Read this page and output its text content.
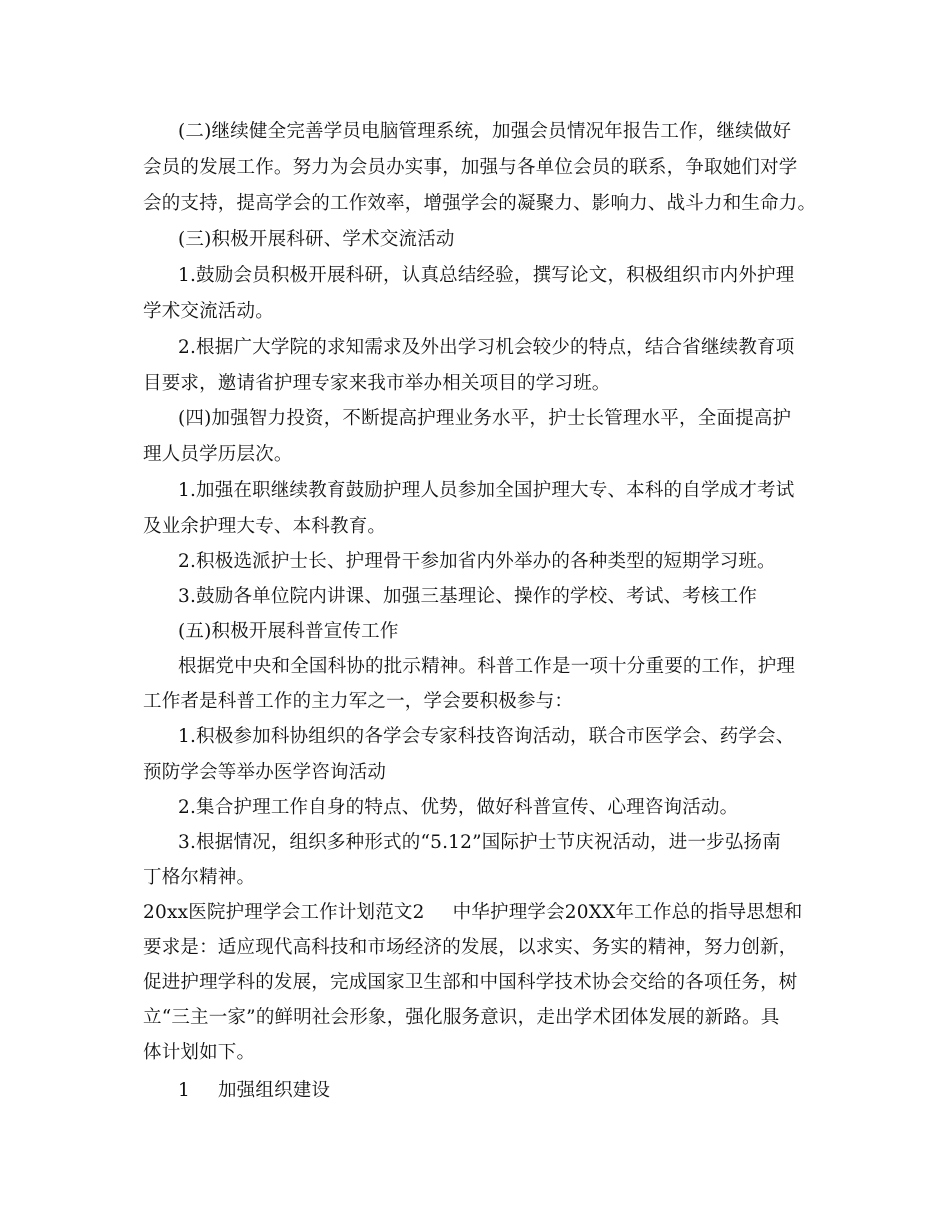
(二)继续健全完善学员电脑管理系统，加强会员情况年报告工作，继续做好
会员的发展工作。努力为会员办实事，加强与各单位会员的联系，争取她们对学
会的支持，提高学会的工作效率，增强学会的凝聚力、影响力、战斗力和生命力。
(三)积极开展科研、学术交流活动
1.鼓励会员积极开展科研，认真总结经验，撰写论文，积极组织市内外护理
学术交流活动。
2.根据广大学院的求知需求及外出学习机会较少的特点，结合省继续教育项
目要求，邀请省护理专家来我市举办相关项目的学习班。
(四)加强智力投资，不断提高护理业务水平，护士长管理水平，全面提高护
理人员学历层次。
1.加强在职继续教育鼓励护理人员参加全国护理大专、本科的自学成才考试
及业余护理大专、本科教育。
2.积极选派护士长、护理骨干参加省内外举办的各种类型的短期学习班。
3.鼓励各单位院内讲课、加强三基理论、操作的学校、考试、考核工作
(五)积极开展科普宣传工作
根据党中央和全国科协的批示精神。科普工作是一项十分重要的工作，护理
工作者是科普工作的主力军之一，学会要积极参与：
1.积极参加科协组织的各学会专家科技咨询活动，联合市医学会、药学会、
预防学会等举办医学咨询活动
2.集合护理工作自身的特点、优势，做好科普宣传、心理咨询活动。
3.根据情况，组织多种形式的“5.12”国际护士节庆祝活动，进一步弘扬南
丁格尔精神。
20xx医院护理学会工作计划范文2 中华护理学会20XX年工作总的指导思想和
要求是：适应现代高科技和市场经济的发展，以求实、务实的精神，努力创新，
促进护理学科的发展，完成国家卫生部和中国科学技术协会交给的各项任务，树
立“三主一家”的鲜明社会形象，强化服务意识，走出学术团体发展的新路。具
体计划如下。
1 加强组织建设
